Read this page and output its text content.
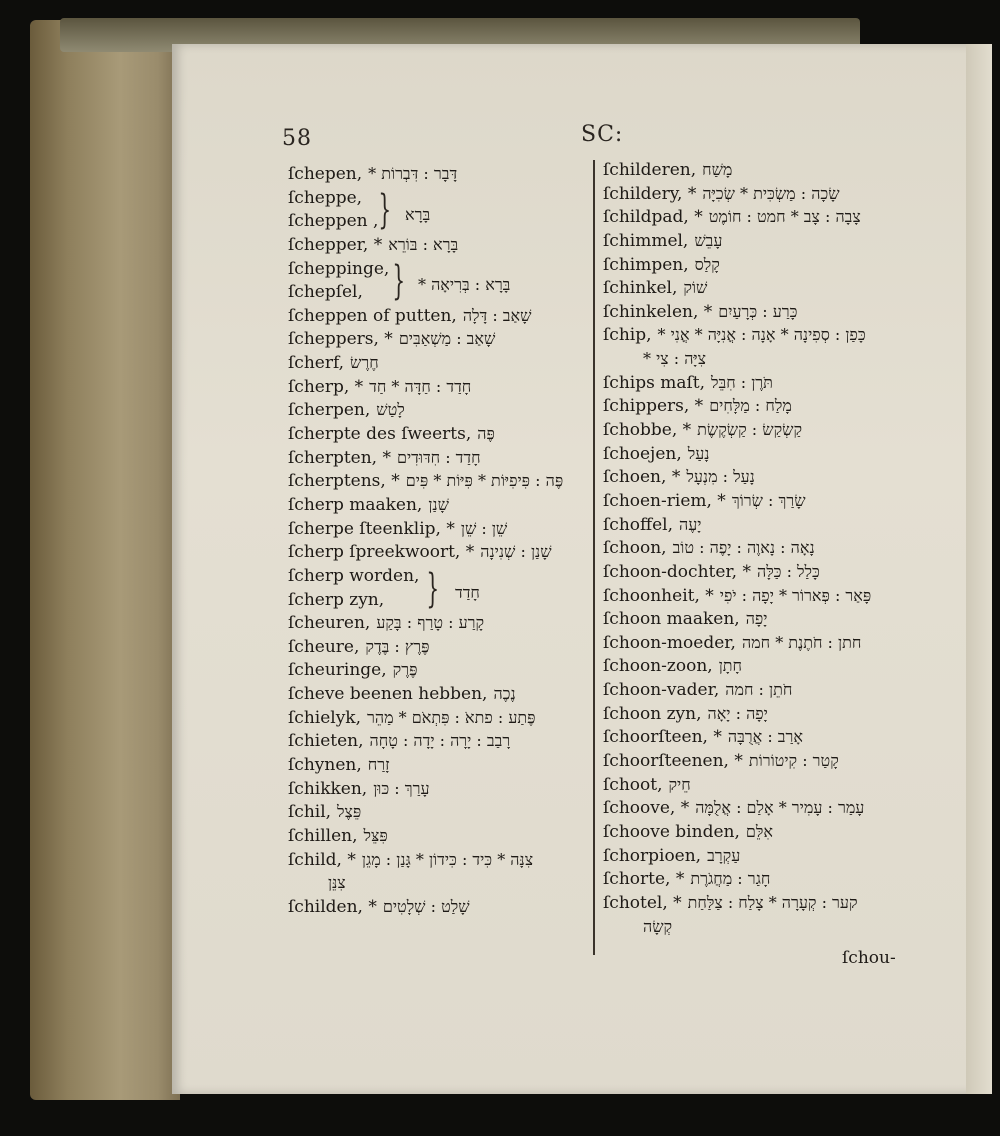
58	SC:
ſchepen, דָּבָר : דִּבְרוֹת *
ſcheppe,
ſcheppen ,
ſchepper, * בָּרָא : בּוֹרֵא
ſcheppinge,
ſchepſel,
ſcheppen of putten, שָׁאַב : דָּלָה
ſcheppers, * שָׁאַב : מַשְׁאַבִּים
ſcherf, חֶרֶשׂ
ſcherp, * חָדַד : חַדָּה * חַד
ſcherpen, לָטַשׁ
ſcherpte des ſweerts, פֶּה
ſcherpten, * חָדַד : חִדּוּדִים
ſcherptens, * פֶּה : פִּיפִיּוֹת * פִּיּוֹת * פִּים
ſcherp maaken, שָׁנַן
ſcherpe ſteenklip, * שֵׁן : שֵׁן
ſcherp ſpreekwoort, * שָׁנַן : שְׁנִינָה
ſcherp worden,
ſcherp zyn,
ſcheuren, קָרַע : טָרַף : בָּקַע
ſcheure, פֶּרֶץ : בֶּדֶק
ſcheuringe, פֶּרֶק
ſcheve beenen hebben, נֶכֶה
ſchielyk, פֶּתַע : פתאֹ : פִּתְאֹם * מַהֵר
ſchieten, רָבַב : יָרָה : יָדָה : טָחָה
ſchynen, זָרַח
ſchikken, עָרַךְ : כּוּן
ſchil, פֵּצֶל
ſchillen, פִּצֵּל
ſchild, * צִנָּה * כִּיד : כִּידוֹן * גָּנַן : מָגֵן
צִנֵּן
ſchilden, * שָׁלַט : שְׁלָטִים
ſchilderen, מָשַׁח
ſchildery, * שָׂכָה : מַשְׂכִּית * שְׂכִיָּה
ſchildpad, * צָבָה : צָב * חמט : חוֹמֶט
ſchimmel, עָבֵשׁ
ſchimpen, קָלַס
ſchinkel, שׁוֹק
ſchinkelen, * כָּרַע : כְּרָעַיִם
ſchip, כָּפַן : סְפִינָה * אָנָה : אֳנִיָּה * אֳנִי *
צִיָּה : צִי *
ſchips maſt, תֹּרֶן : חִבֵּל
ſchippers, * מָלַח : מַלָּחִים
ſchobbe, * קַשְׂקַשׂ : קַשְׂקֶשֶׂת
ſchoejen, נָעַל
ſchoen, * נָעַל : מִנְעָל
ſchoen-riem, * שָׂרַךְ : שְׂרוֹךְ
ſchoffel, יָעֶה
ſchoon, נָאָה : נָאוֶה : יָפֶה : טוֹב
ſchoon-dochter, * כָּלַל : כַּלָּה
ſchoonheit, * פָּאַר : פְּארוֹר * יָפָה : יֹפִי
ſchoon maaken, יָפָה
ſchoon-moeder, חתן : חֹתֶנֶת * חמה
ſchoon-zoon, חָתָן
ſchoon-vader, חֹתֵן : חמה
ſchoon zyn, יָפָה : יָאָה
ſchoorſteen, * אָרַב : אֲרֻבָּה
ſchoorſteenen, * קָטַר : קִיטוֹרוֹת
ſchoot, חֵיק
ſchoove, * עָמַר : עָמִיר * אָלַם : אֲלֻמָּה
ſchoove binden, אִלֵּם
ſchorpioen, עַקְרָב
ſchorte, * חָגַר : מַחֲגֹרֶת
ſchotel, * קער : קְעָרָה * צָלַח : צַלַּחַת
קְשָׂה
} בָּרָא
} בָּרָא : בְּרִיאָה *
} חָדַד
ſchou-
